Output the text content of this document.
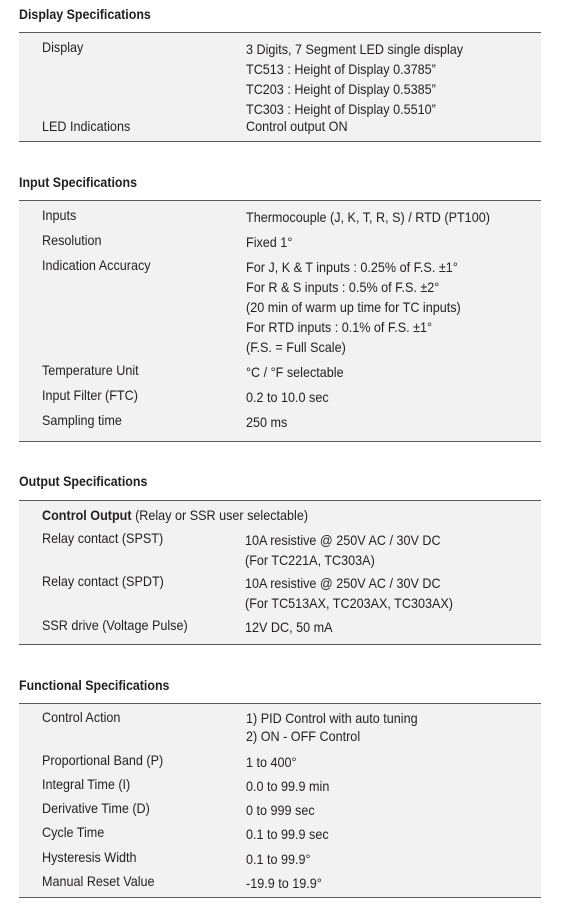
Display Specifications
Display	3 Digits, 7 Segment LED single display
TC513 : Height of Display 0.3785”
TC203 : Height of Display 0.5385”
TC303 : Height of Display 0.5510”
LED Indications	Control output ON
Input Specifications
Inputs	Thermocouple (J, K, T, R, S) / RTD (PT100)
Resolution	Fixed 1°
Indication Accuracy	For J, K & T inputs : 0.25% of F.S. ±1°
For R & S inputs : 0.5% of F.S. ±2°
(20 min of warm up time for TC inputs)
For RTD inputs : 0.1% of F.S. ±1°
(F.S. = Full Scale)
Temperature Unit	°C / °F selectable
Input Filter (FTC)	0.2 to 10.0 sec
Sampling time	250 ms
Output Specifications
Control Output (Relay or SSR user selectable)
Relay contact (SPST)	10A resistive @ 250V AC / 30V DC
(For TC221A, TC303A)
Relay contact (SPDT)	10A resistive @ 250V AC / 30V DC
(For TC513AX, TC203AX, TC303AX)
SSR drive (Voltage Pulse)	12V DC, 50 mA
Functional Specifications
Control Action	1) PID Control with auto tuning
2) ON - OFF Control
Proportional Band (P)	1 to 400°
Integral Time (I)	0.0 to 99.9 min
Derivative Time (D)	0 to 999 sec
Cycle Time	0.1 to 99.9 sec
Hysteresis Width	0.1 to 99.9°
Manual Reset Value	-19.9 to 19.9°
